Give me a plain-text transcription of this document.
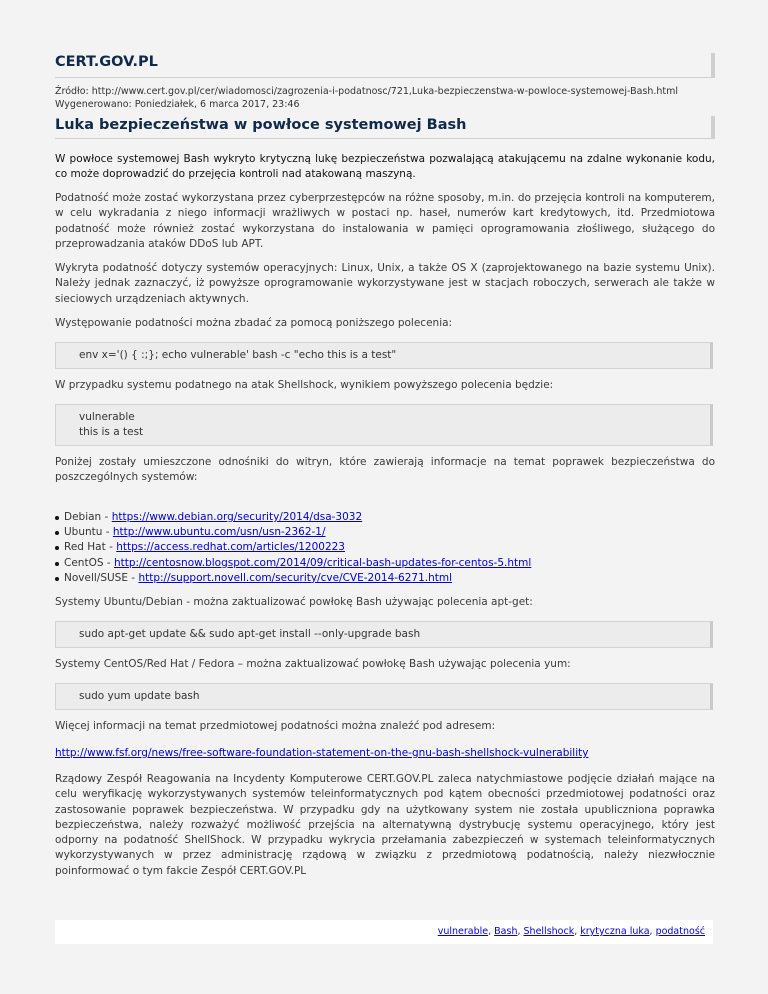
CERT.GOV.PL
Źródło: http://www.cert.gov.pl/cer/wiadomosci/zagrozenia-i-podatnosc/721,Luka-bezpieczenstwa-w-powloce-systemowej-Bash.html
Wygenerowano: Poniedziałek, 6 marca 2017, 23:46
Luka bezpieczeństwa w powłoce systemowej Bash

W powłoce systemowej Bash wykryto krytyczną lukę bezpieczeństwa pozwalającą atakującemu na zdalne wykonanie kodu, co może doprowadzić do przejęcia kontroli nad atakowaną maszyną.

Podatność może zostać wykorzystana przez cyberprzestępców na różne sposoby, m.in. do przejęcia kontroli na komputerem, w celu wykradania z niego informacji wrażliwych w postaci np. haseł, numerów kart kredytowych, itd. Przedmiotowa podatność może również zostać wykorzystana do instalowania w pamięci oprogramowania złośliwego, służącego do przeprowadzania ataków DDoS lub APT.

Wykryta podatność dotyczy systemów operacyjnych: Linux, Unix, a także OS X (zaprojektowanego na bazie systemu Unix). Należy jednak zaznaczyć, iż powyższe oprogramowanie wykorzystywane jest w stacjach roboczych, serwerach ale także w sieciowych urządzeniach aktywnych.

Występowanie podatności można zbadać za pomocą poniższego polecenia:

env x='() { :;}; echo vulnerable' bash -c "echo this is a test"

W przypadku systemu podatnego na atak Shellshock, wynikiem powyższego polecenia będzie:

vulnerable
this is a test

Poniżej zostały umieszczone odnośniki do witryn, które zawierają informacje na temat poprawek bezpieczeństwa do poszczególnych systemów:

Debian - https://www.debian.org/security/2014/dsa-3032
Ubuntu - http://www.ubuntu.com/usn/usn-2362-1/
Red Hat - https://access.redhat.com/articles/1200223
CentOS - http://centosnow.blogspot.com/2014/09/critical-bash-updates-for-centos-5.html
Novell/SUSE - http://support.novell.com/security/cve/CVE-2014-6271.html

Systemy Ubuntu/Debian - można zaktualizować powłokę Bash używając polecenia apt-get:

sudo apt-get update && sudo apt-get install --only-upgrade bash

Systemy CentOS/Red Hat / Fedora – można zaktualizować powłokę Bash używając polecenia yum:

sudo yum update bash

Więcej informacji na temat przedmiotowej podatności można znaleźć pod adresem:

http://www.fsf.org/news/free-software-foundation-statement-on-the-gnu-bash-shellshock-vulnerability

Rządowy Zespół Reagowania na Incydenty Komputerowe CERT.GOV.PL zaleca natychmiastowe podjęcie działań mające na celu weryfikację wykorzystywanych systemów teleinformatycznych pod kątem obecności przedmiotowej podatności oraz zastosowanie poprawek bezpieczeństwa. W przypadku gdy na użytkowany system nie została upubliczniona poprawka bezpieczeństwa, należy rozważyć możliwość przejścia na alternatywną dystrybucję systemu operacyjnego, który jest odporny na podatność ShellShock. W przypadku wykrycia przełamania zabezpieczeń w systemach teleinformatycznych wykorzystywanych w przez administrację rządową w związku z przedmiotową podatnością, należy niezwłocznie poinformować o tym fakcie Zespół CERT.GOV.PL

vulnerable, Bash, Shellshock, krytyczna luka, podatność
